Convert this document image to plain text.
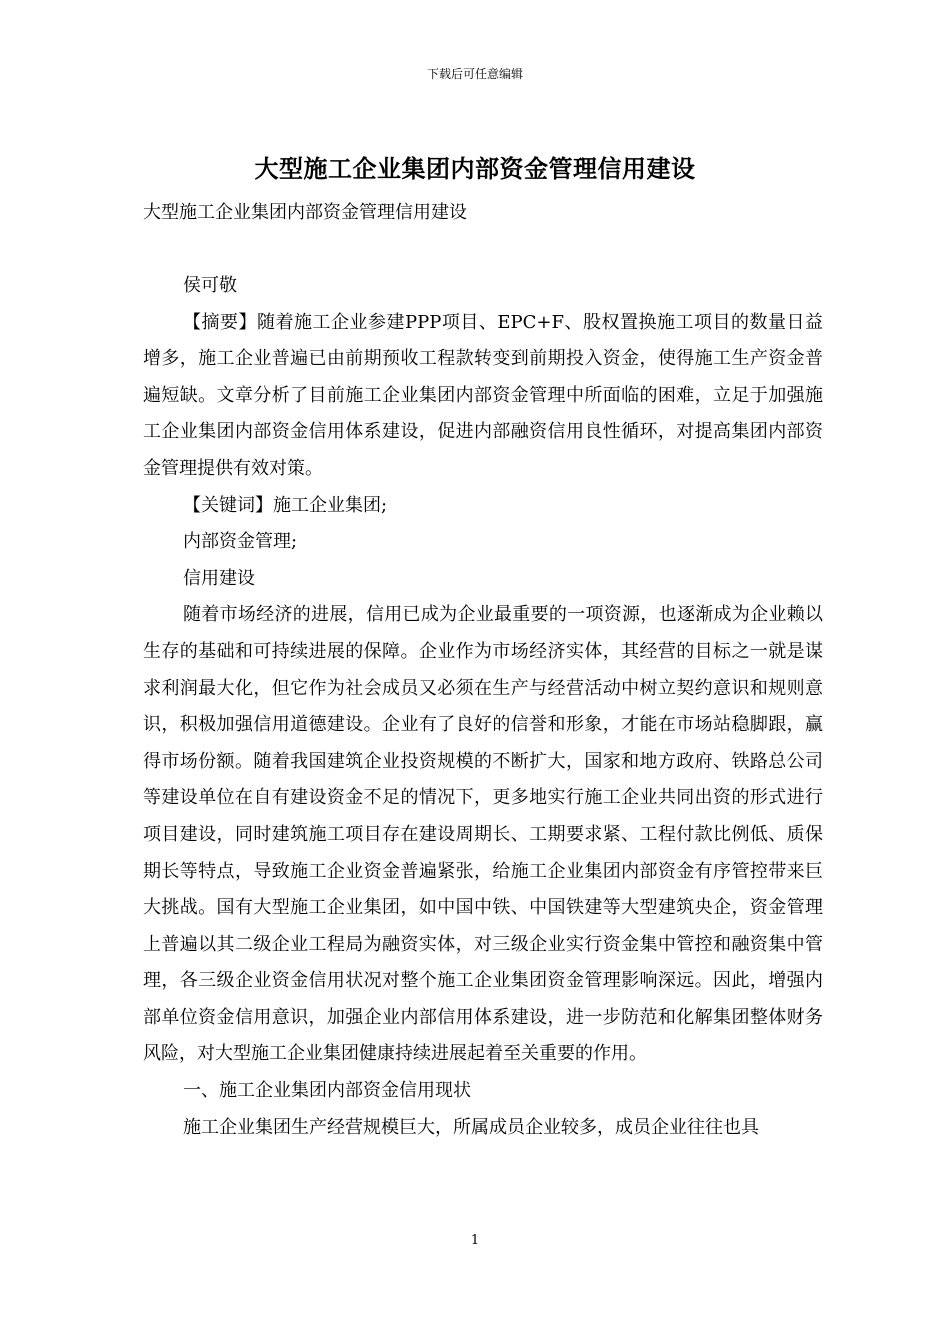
下载后可任意编辑
大型施工企业集团内部资金管理信用建设
大型施工企业集团内部资金管理信用建设

侯可敬

【摘要】随着施工企业参建PPP项目、EPC+F、股权置换施工项目的数量日益增多，施工企业普遍已由前期预收工程款转变到前期投入资金，使得施工生产资金普遍短缺。文章分析了目前施工企业集团内部资金管理中所面临的困难，立足于加强施工企业集团内部资金信用体系建设，促进内部融资信用良性循环，对提高集团内部资金管理提供有效对策。

【关键词】施工企业集团;

内部资金管理;

信用建设

随着市场经济的进展，信用已成为企业最重要的一项资源，也逐渐成为企业赖以生存的基础和可持续进展的保障。企业作为市场经济实体，其经营的目标之一就是谋求利润最大化，但它作为社会成员又必须在生产与经营活动中树立契约意识和规则意识，积极加强信用道德建设。企业有了良好的信誉和形象，才能在市场站稳脚跟，赢得市场份额。随着我国建筑企业投资规模的不断扩大，国家和地方政府、铁路总公司等建设单位在自有建设资金不足的情况下，更多地实行施工企业共同出资的形式进行项目建设，同时建筑施工项目存在建设周期长、工期要求紧、工程付款比例低、质保期长等特点，导致施工企业资金普遍紧张，给施工企业集团内部资金有序管控带来巨大挑战。国有大型施工企业集团，如中国中铁、中国铁建等大型建筑央企，资金管理上普遍以其二级企业工程局为融资实体，对三级企业实行资金集中管控和融资集中管理，各三级企业资金信用状况对整个施工企业集团资金管理影响深远。因此，增强内部单位资金信用意识，加强企业内部信用体系建设，进一步防范和化解集团整体财务风险，对大型施工企业集团健康持续进展起着至关重要的作用。

一、施工企业集团内部资金信用现状

施工企业集团生产经营规模巨大，所属成员企业较多，成员企业往往也具

1
